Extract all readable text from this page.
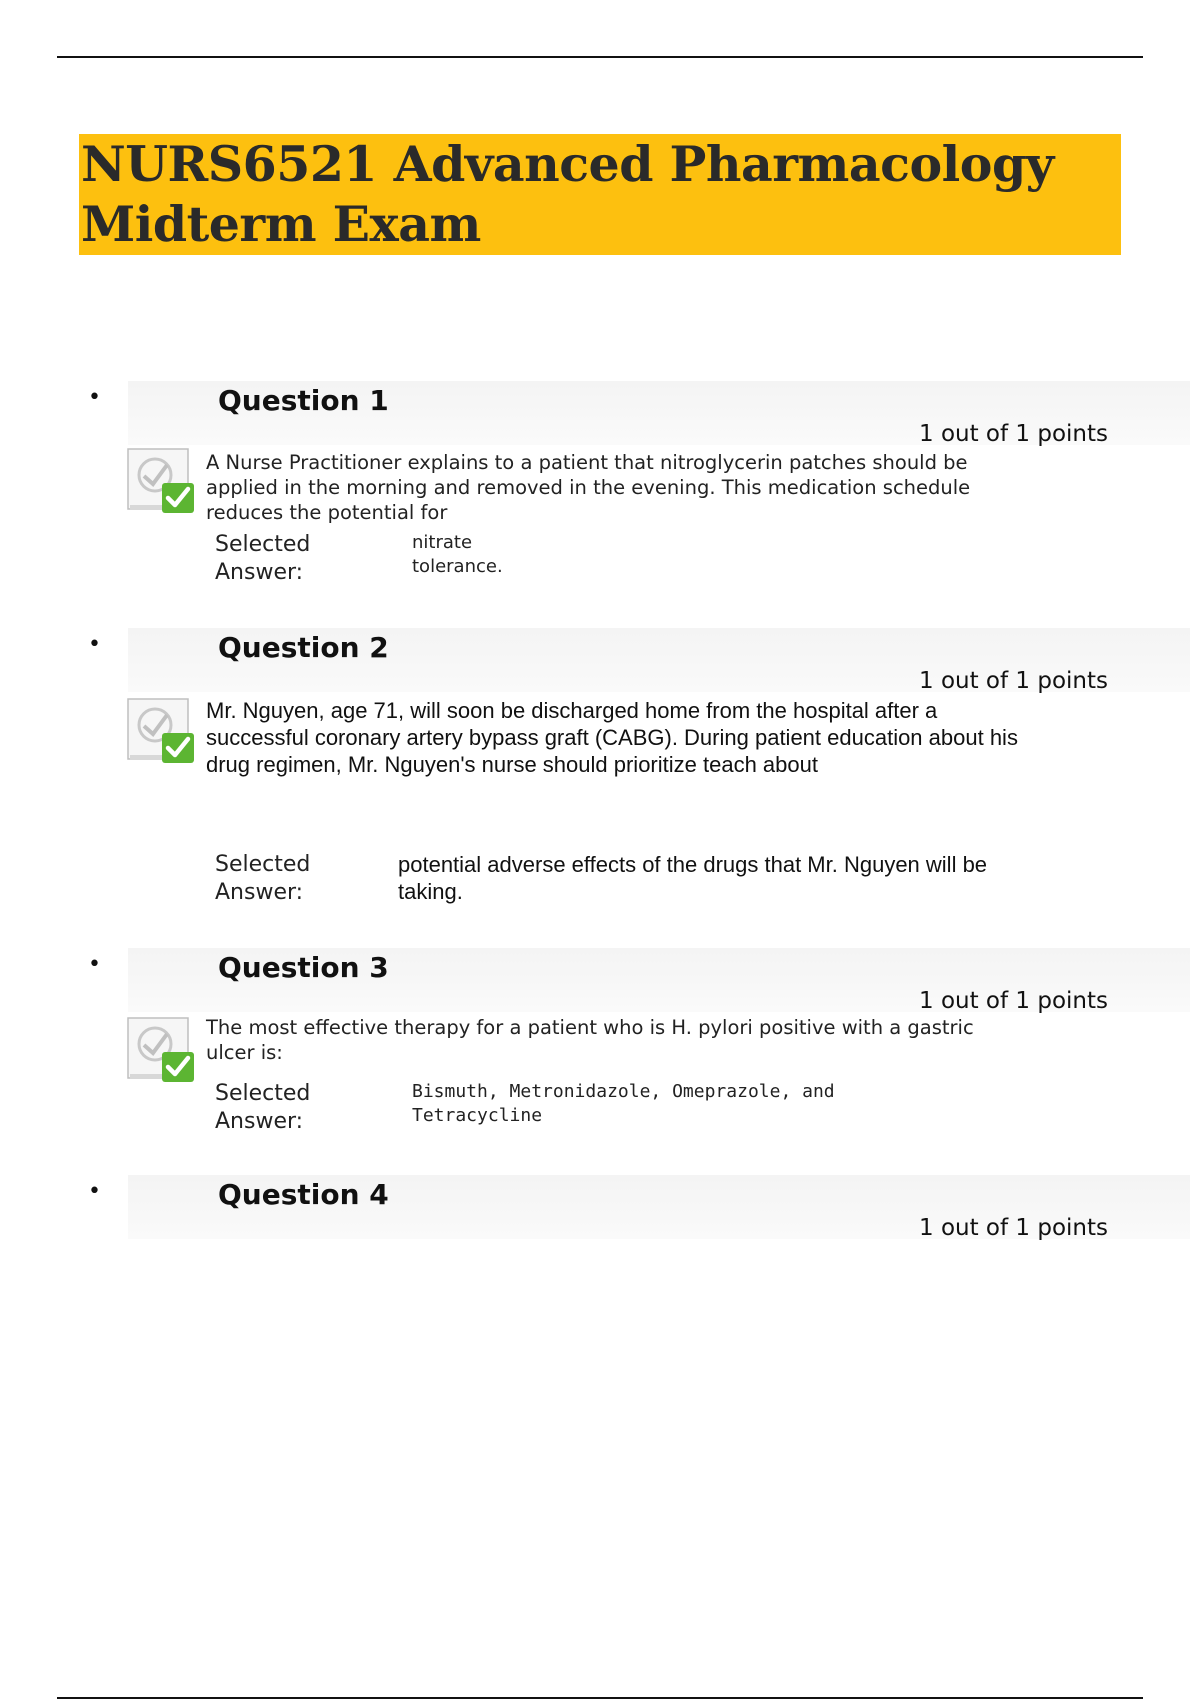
NURS6521 Advanced Pharmacology Midterm Exam
•	Question 1
1 out of 1 points
A Nurse Practitioner explains to a patient that nitroglycerin patches should be applied in the morning and removed in the evening. This medication schedule reduces the potential for
Selected Answer:
nitrate tolerance.
•	Question 2
1 out of 1 points
Mr. Nguyen, age 71, will soon be discharged home from the hospital after a successful coronary artery bypass graft (CABG). During patient education about his drug regimen, Mr. Nguyen's nurse should prioritize teach about
Selected Answer:
potential adverse effects of the drugs that Mr. Nguyen will be taking.
•	Question 3
1 out of 1 points
The most effective therapy for a patient who is H. pylori positive with a gastric ulcer is:
Selected Answer:
Bismuth, Metronidazole, Omeprazole, and Tetracycline
•	Question 4
1 out of 1 points
